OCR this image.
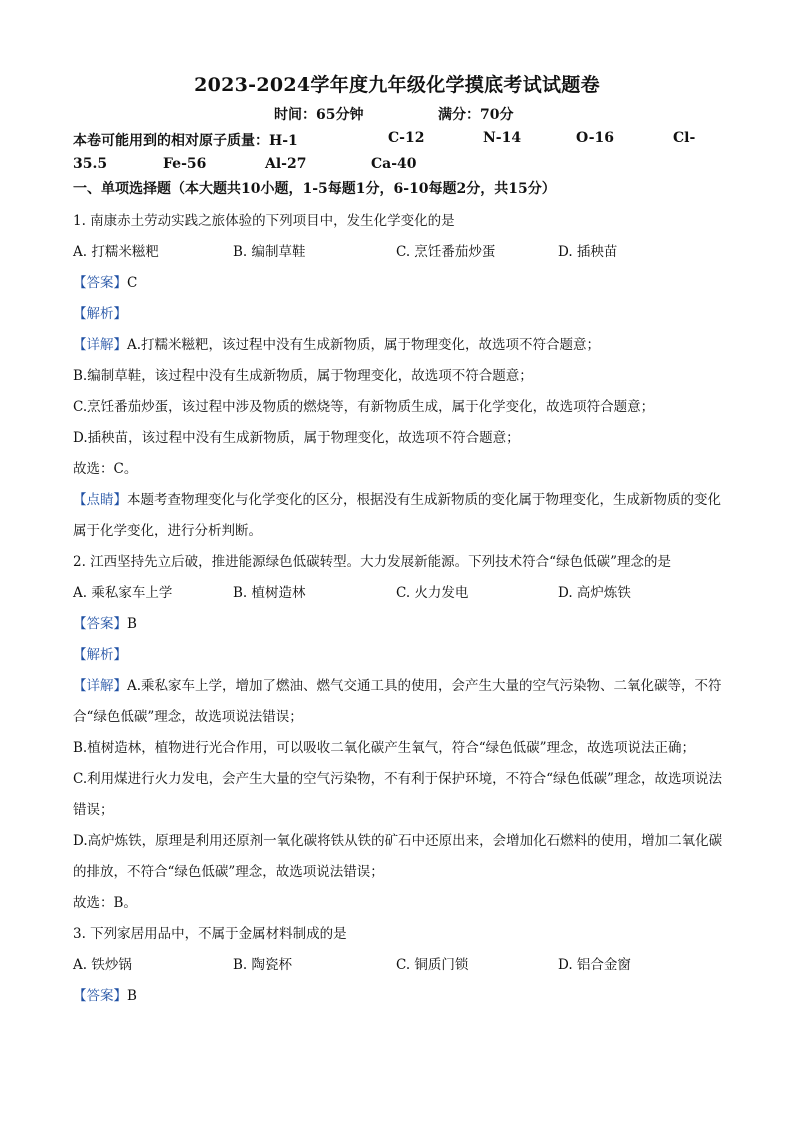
2023-2024学年度九年级化学摸底考试试题卷
时间：65分钟	满分：70分
本卷可能用到的相对原子质量：H-1	C-12	N-14	O-16	Cl-
35.5	Fe-56	Al-27	Ca-40
一、单项选择题（本大题共10小题，1-5每题1分，6-10每题2分，共15分）
1. 南康赤土劳动实践之旅体验的下列项目中，发生化学变化的是
A. 打糯米糍粑	B. 编制草鞋	C. 烹饪番茄炒蛋	D. 插秧苗
【答案】C
【解析】
【详解】A.打糯米糍粑，该过程中没有生成新物质，属于物理变化，故选项不符合题意；
B.编制草鞋，该过程中没有生成新物质，属于物理变化，故选项不符合题意；
C.烹饪番茄炒蛋，该过程中涉及物质的燃烧等，有新物质生成，属于化学变化，故选项符合题意；
D.插秧苗，该过程中没有生成新物质，属于物理变化，故选项不符合题意；
故选：C。
【点睛】本题考查物理变化与化学变化的区分，根据没有生成新物质的变化属于物理变化，生成新物质的变化属于化学变化，进行分析判断。
2. 江西坚持先立后破，推进能源绿色低碳转型。大力发展新能源。下列技术符合“绿色低碳”理念的是
A. 乘私家车上学	B. 植树造林	C. 火力发电	D. 高炉炼铁
【答案】B
【解析】
【详解】A.乘私家车上学，增加了燃油、燃气交通工具的使用，会产生大量的空气污染物、二氧化碳等，不符合“绿色低碳”理念，故选项说法错误；
B.植树造林，植物进行光合作用，可以吸收二氧化碳产生氧气，符合“绿色低碳”理念，故选项说法正确；
C.利用煤进行火力发电，会产生大量的空气污染物，不有利于保护环境，不符合“绿色低碳”理念，故选项说法错误；
D.高炉炼铁，原理是利用还原剂一氧化碳将铁从铁的矿石中还原出来，会增加化石燃料的使用，增加二氧化碳的排放，不符合“绿色低碳”理念，故选项说法错误；
故选：B。
3. 下列家居用品中，不属于金属材料制成的是
A. 铁炒锅	B. 陶瓷杯	C. 铜质门锁	D. 铝合金窗
【答案】B
